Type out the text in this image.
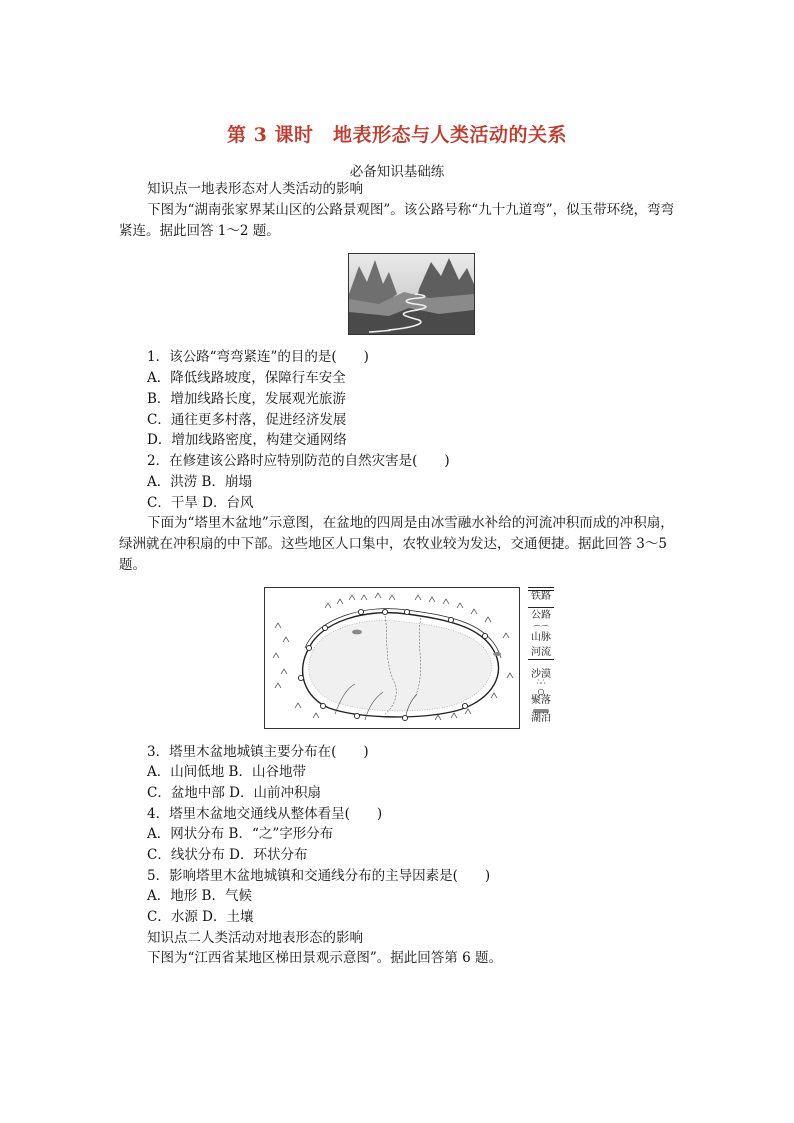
第 3 课时　地表形态与人类活动的关系
必备知识基础练
知识点一地表形态对人类活动的影响
下图为“湖南张家界某山区的公路景观图”。该公路号称“九十九道弯”，似玉带环绕，弯弯紧连。据此回答 1～2 题。
1．该公路“弯弯紧连”的目的是(　　)
A．降低线路坡度，保障行车安全
B．增加线路长度，发展观光旅游
C．通往更多村落，促进经济发展
D．增加线路密度，构建交通网络
2．在修建该公路时应特别防范的自然灾害是(　　)
A．洪涝 B．崩塌
C．干旱 D．台风
下面为“塔里木盆地”示意图，在盆地的四周是由冰雪融水补给的河流冲积而成的冲积扇，绿洲就在冲积扇的中下部。这些地区人口集中，农牧业较为发达，交通便捷。据此回答 3～5 题。
铁路
公路
⌒⌒
山脉
河流
沙漠
∴∴
○
聚落
湖泊
3．塔里木盆地城镇主要分布在(　　)
A．山间低地 B．山谷地带
C．盆地中部 D．山前冲积扇
4．塔里木盆地交通线从整体看呈(　　)
A．网状分布 B．“之”字形分布
C．线状分布 D．环状分布
5．影响塔里木盆地城镇和交通线分布的主导因素是(　　)
A．地形 B．气候
C．水源 D．土壤
知识点二人类活动对地表形态的影响
下图为“江西省某地区梯田景观示意图”。据此回答第 6 题。
